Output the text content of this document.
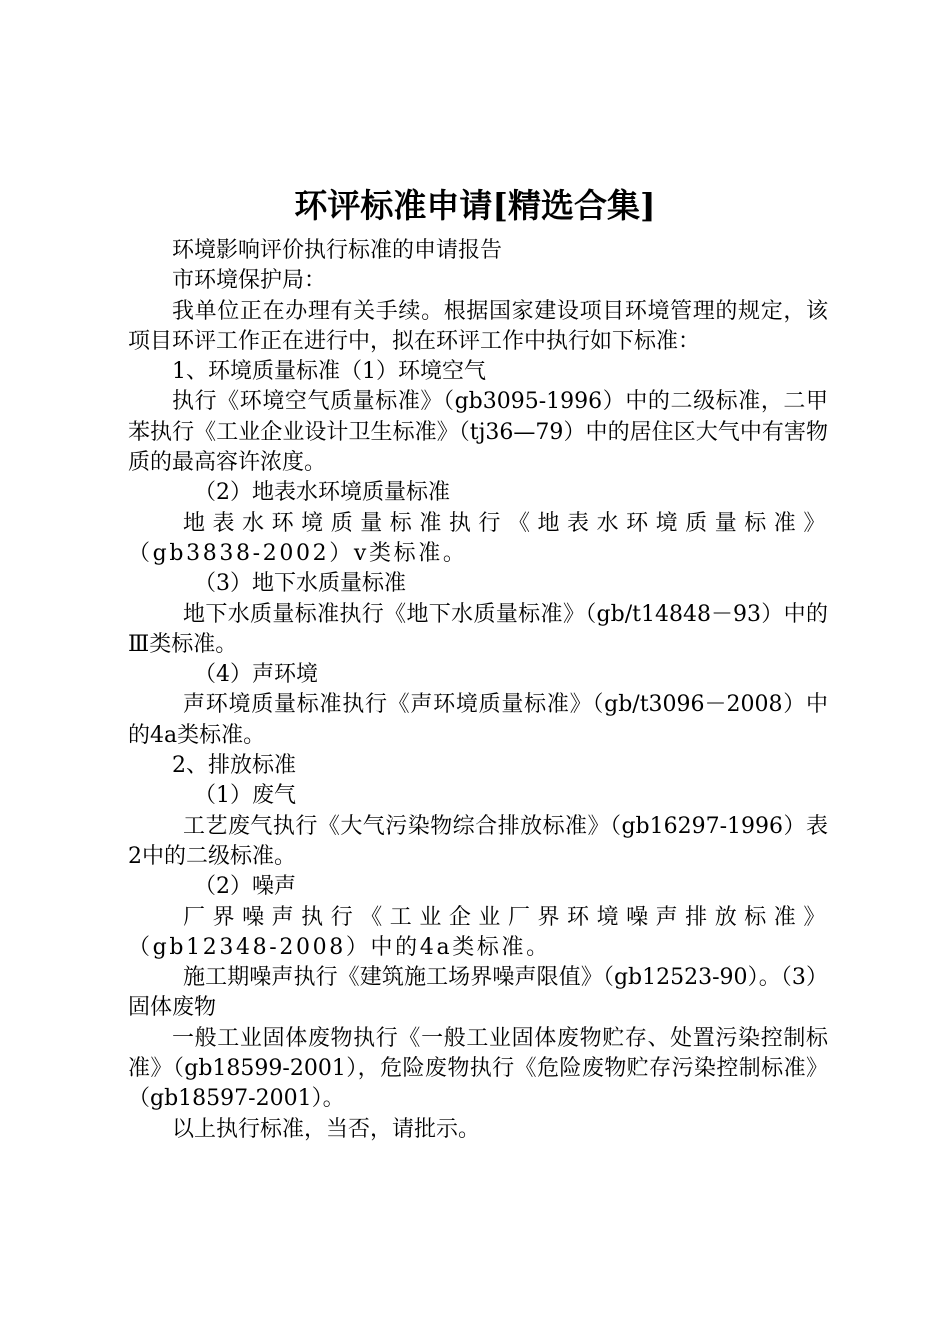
环评标准申请[精选合集]

环境影响评价执行标准的申请报告

市环境保护局：

我单位正在办理有关手续。根据国家建设项目环境管理的规定，该项目环评工作正在进行中，拟在环评工作中执行如下标准：

1、环境质量标准（1）环境空气

执行《环境空气质量标准》（gb3095-1996）中的二级标准，二甲苯执行《工业企业设计卫生标准》（tj36—79）中的居住区大气中有害物质的最高容许浓度。

（2）地表水环境质量标准

地表水环境质量标准执行《地表水环境质量标准》（gb3838-2002）v类标准。

（3）地下水质量标准

地下水质量标准执行《地下水质量标准》（gb/t14848－93）中的Ⅲ类标准。

（4）声环境

声环境质量标准执行《声环境质量标准》（gb/t3096－2008）中的4a类标准。

2、排放标准

（1）废气

工艺废气执行《大气污染物综合排放标准》（gb16297-1996）表2中的二级标准。

（2）噪声

厂界噪声执行《工业企业厂界环境噪声排放标准》（gb12348-2008）中的4a类标准。

施工期噪声执行《建筑施工场界噪声限值》（gb12523-90）。（3）固体废物

一般工业固体废物执行《一般工业固体废物贮存、处置污染控制标准》（gb18599-2001），危险废物执行《危险废物贮存污染控制标准》（gb18597-2001）。

以上执行标准，当否，请批示。
